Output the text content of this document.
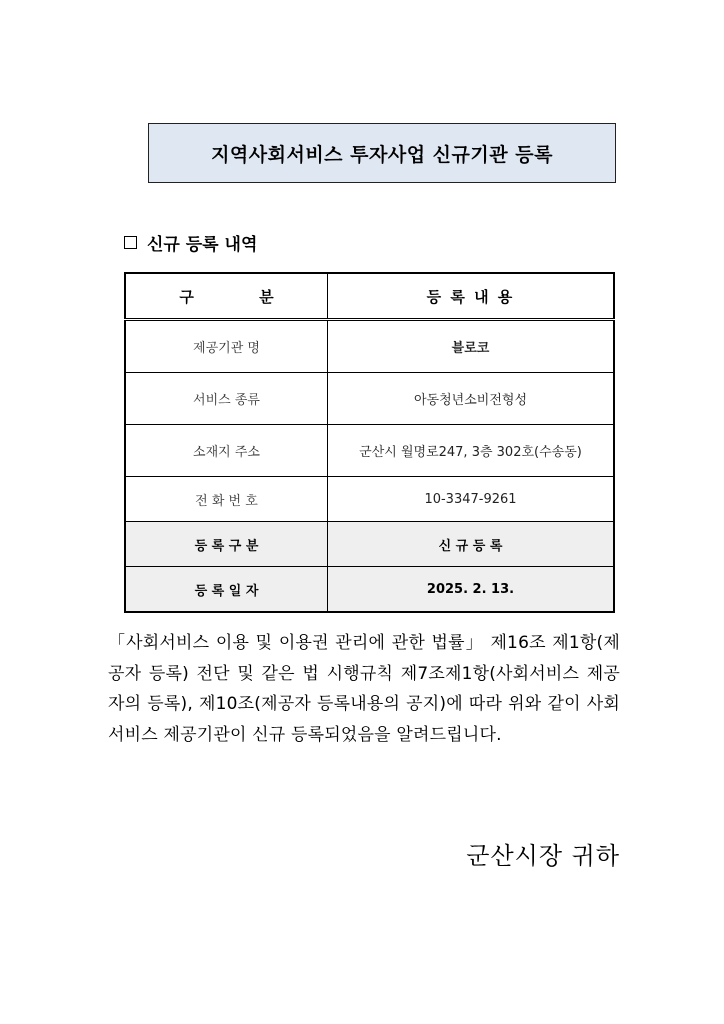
지역사회서비스 투자사업 신규기관 등록
신규 등록 내역
구 분	등 록 내 용
제공기관 명	블로코
서비스 종류	아동청년소비전형성
소재지 주소	군산시 월명로247, 3층 302호(수송동)
전 화 번 호	10-3347-9261
등 록 구 분	신 규 등 록
등 록 일 자	2025. 2. 13.
「사회서비스 이용 및 이용권 관리에 관한 법률」 제16조 제1항(제공자 등록) 전단 및 같은 법 시행규칙 제7조제1항(사회서비스 제공자의 등록), 제10조(제공자 등록내용의 공지)에 따라 위와 같이 사회서비스 제공기관이 신규 등록되었음을 알려드립니다.
군산시장 귀하
